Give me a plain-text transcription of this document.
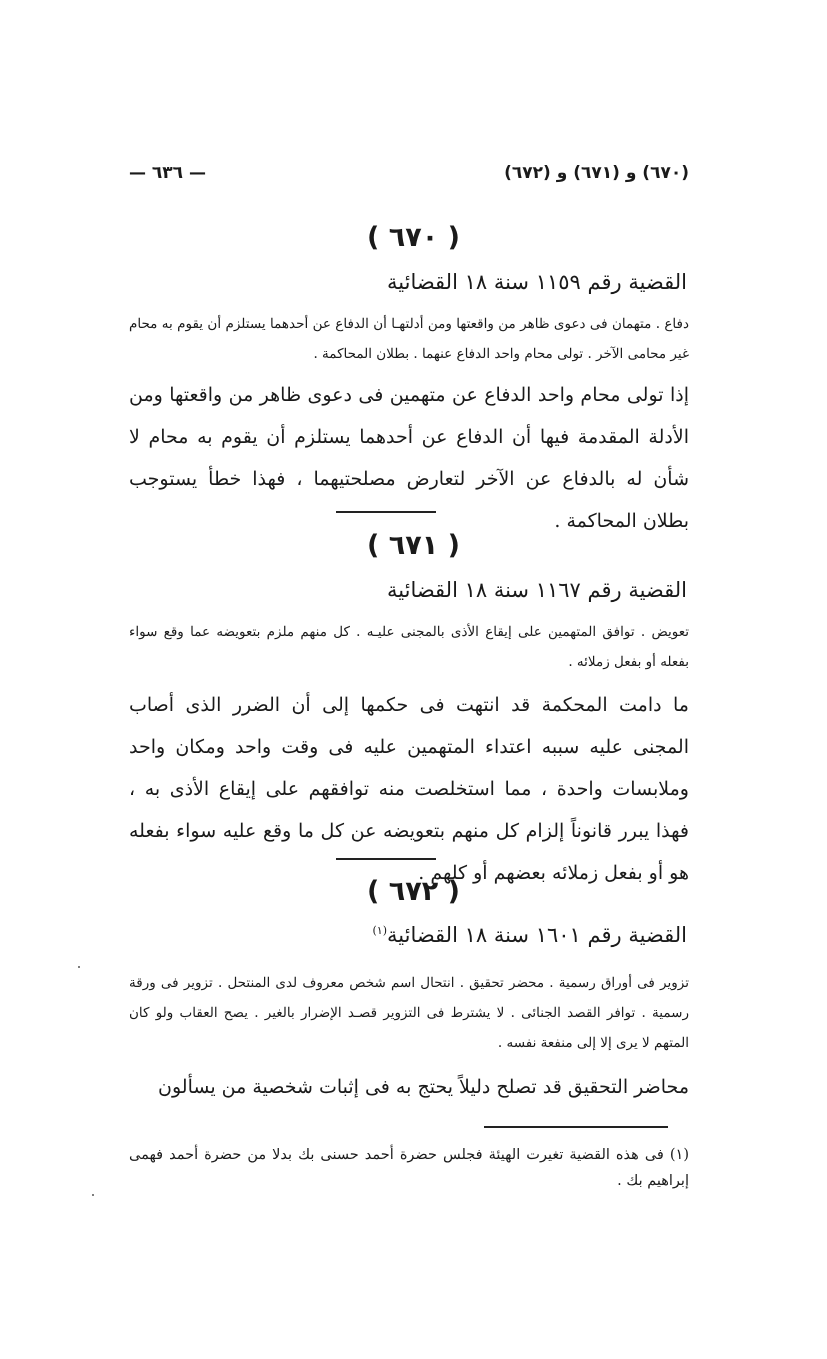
(٦٧٠) و (٦٧١) و (٦٧٢)
— ٦٣٦ —
( ٦٧٠ )
القضية رقم ١١٥٩ سنة ١٨ القضائية
دفاع . متهمان فى دعوى ظاهر من واقعتها ومن أدلتهـا أن الدفاع عن أحدهما يستلزم أن يقوم به محام غير محامى الآخر . تولى محام واحد الدفاع عنهما . بطلان المحاكمة .
إذا تولى محام واحد الدفاع عن متهمين فى دعوى ظاهر من واقعتها ومن الأدلة المقدمة فيها أن الدفاع عن أحدهما يستلزم أن يقوم به محام لا شأن له بالدفاع عن الآخر لتعارض مصلحتيهما ، فهذا خطأ يستوجب بطلان المحاكمة .
( ٦٧١ )
القضية رقم ١١٦٧ سنة ١٨ القضائية
تعويض . توافق المتهمين على إيقاع الأذى بالمجنى عليـه . كل منهم ملزم بتعويضه عما وقع سواء بفعله أو بفعل زملائه .
ما دامت المحكمة قد انتهت فى حكمها إلى أن الضرر الذى أصاب المجنى عليه سببه اعتداء المتهمين عليه فى وقت واحد ومكان واحد وملابسات واحدة ، مما استخلصت منه توافقهم على إيقاع الأذى به ، فهذا يبرر قانوناً إلزام كل منهم بتعويضه عن كل ما وقع عليه سواء بفعله هو أو بفعل زملائه بعضهم أو كلهم .
( ٦٧٢ )
القضية رقم ١٦٠١ سنة ١٨ القضائية$^{(١)}$
تزوير فى أوراق رسمية . محضر تحقيق . انتحال اسم شخص معروف لدى المنتحل . تزوير فى ورقة رسمية . توافر القصد الجنائى . لا يشترط فى التزوير قصـد الإضرار بالغير . يصح العقاب ولو كان المتهم لا يرى إلا إلى منفعة نفسه .
محاضر التحقيق قد تصلح دليلاً يحتج به فى إثبات شخصية من يسألون
(١) فى هذه القضية تغيرت الهيئة فجلس حضرة أحمد حسنى بك بدلا من حضرة أحمد فهمى إبراهيم بك .
